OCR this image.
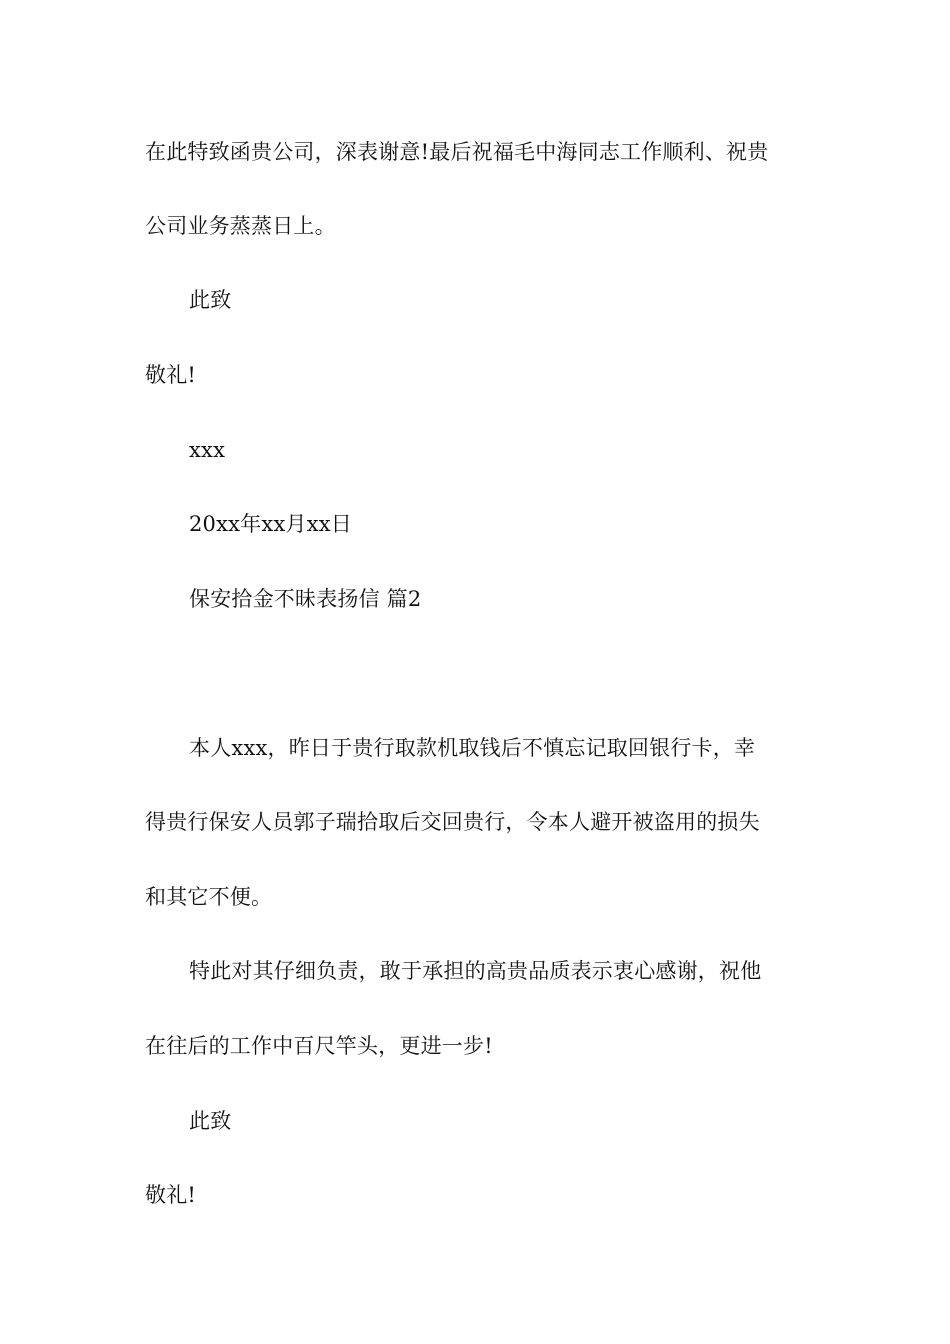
在此特致函贵公司，深表谢意!最后祝福毛中海同志工作顺利、祝贵
公司业务蒸蒸日上。
此致
敬礼!
xxx
20xx年xx月xx日
保安拾金不昧表扬信 篇2
本人xxx，昨日于贵行取款机取钱后不慎忘记取回银行卡，幸
得贵行保安人员郭子瑞拾取后交回贵行，令本人避开被盗用的损失
和其它不便。
特此对其仔细负责，敢于承担的高贵品质表示衷心感谢，祝他
在往后的工作中百尺竿头，更进一步!
此致
敬礼!
